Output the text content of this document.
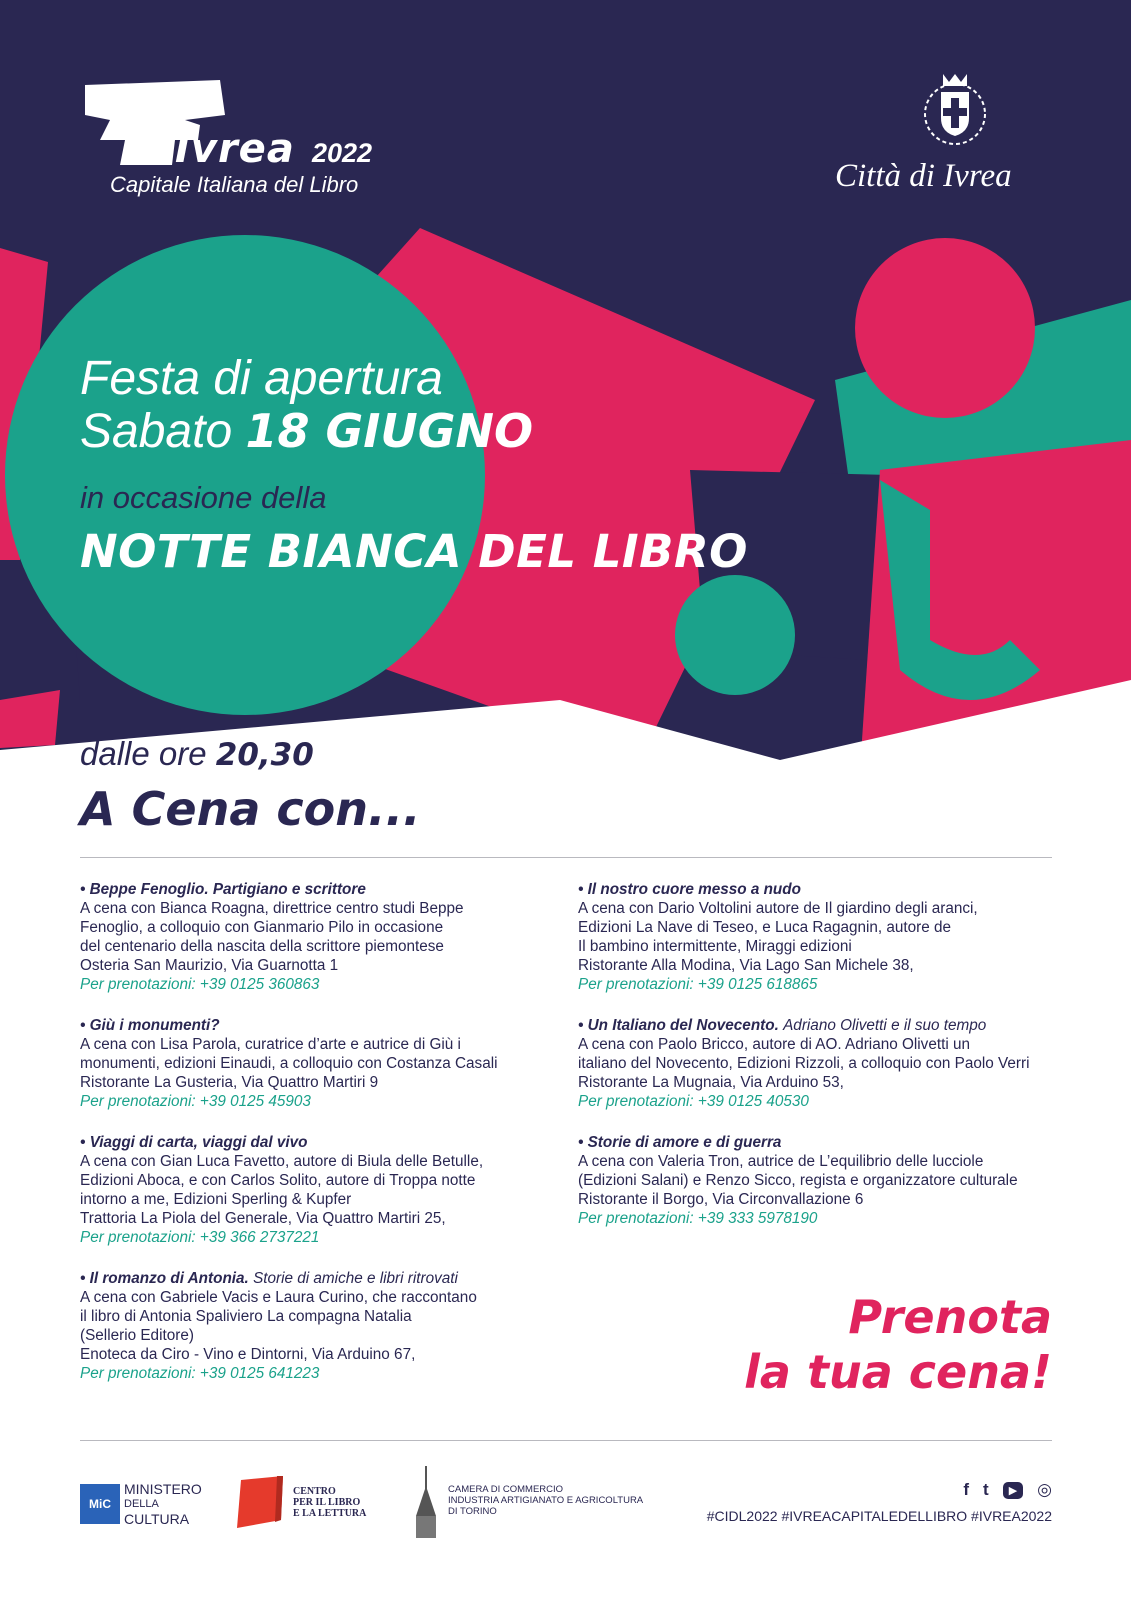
Ivrea 2022
Capitale Italiana del Libro	Città di Ivrea
Festa di apertura
Sabato 18 GIUGNO
in occasione della
NOTTE BIANCA DEL LIBRO
dalle ore 20,30
A Cena con...
• Beppe Fenoglio. Partigiano e scrittore
A cena con Bianca Roagna, direttrice centro studi Beppe
Fenoglio, a colloquio con Gianmario Pilo in occasione
del centenario della nascita della scrittore piemontese
Osteria San Maurizio, Via Guarnotta 1
Per prenotazioni: +39 0125 360863
• Giù i monumenti?
A cena con Lisa Parola, curatrice d’arte e autrice di Giù i
monumenti, edizioni Einaudi, a colloquio con Costanza Casali
Ristorante La Gusteria, Via Quattro Martiri 9
Per prenotazioni: +39 0125 45903
• Viaggi di carta, viaggi dal vivo
A cena con Gian Luca Favetto, autore di Biula delle Betulle,
Edizioni Aboca, e con Carlos Solito, autore di Troppa notte
intorno a me, Edizioni Sperling & Kupfer
Trattoria La Piola del Generale, Via Quattro Martiri 25,
Per prenotazioni: +39 366 2737221
• Il romanzo di Antonia. Storie di amiche e libri ritrovati
A cena con Gabriele Vacis e Laura Curino, che raccontano
il libro di Antonia Spaliviero La compagna Natalia
(Sellerio Editore)
Enoteca da Ciro - Vino e Dintorni, Via Arduino 67,
Per prenotazioni: +39 0125 641223
• Il nostro cuore messo a nudo
A cena con Dario Voltolini autore de Il giardino degli aranci,
Edizioni La Nave di Teseo, e Luca Ragagnin, autore de
Il bambino intermittente, Miraggi edizioni
Ristorante Alla Modina, Via Lago San Michele 38,
Per prenotazioni: +39 0125 618865
• Un Italiano del Novecento. Adriano Olivetti e il suo tempo
A cena con Paolo Bricco, autore di AO. Adriano Olivetti un
italiano del Novecento, Edizioni Rizzoli, a colloquio con Paolo Verri
Ristorante La Mugnaia, Via Arduino 53,
Per prenotazioni: +39 0125 40530
• Storie di amore e di guerra
A cena con Valeria Tron, autrice de L’equilibrio delle lucciole
(Edizioni Salani) e Renzo Sicco, regista e organizzatore culturale
Ristorante il Borgo, Via Circonvallazione 6
Per prenotazioni: +39 333 5978190
Prenota
la tua cena!
MiC
MINISTERO
DELLA
CULTURA
CENTRO
PER IL LIBRO
E LA LETTURA
CAMERA DI COMMERCIO
INDUSTRIA ARTIGIANATO E AGRICOLTURA
DI TORINO
f t	▶	◎
#CIDL2022 #IVREACAPITALEDELLIBRO #IVREA2022
